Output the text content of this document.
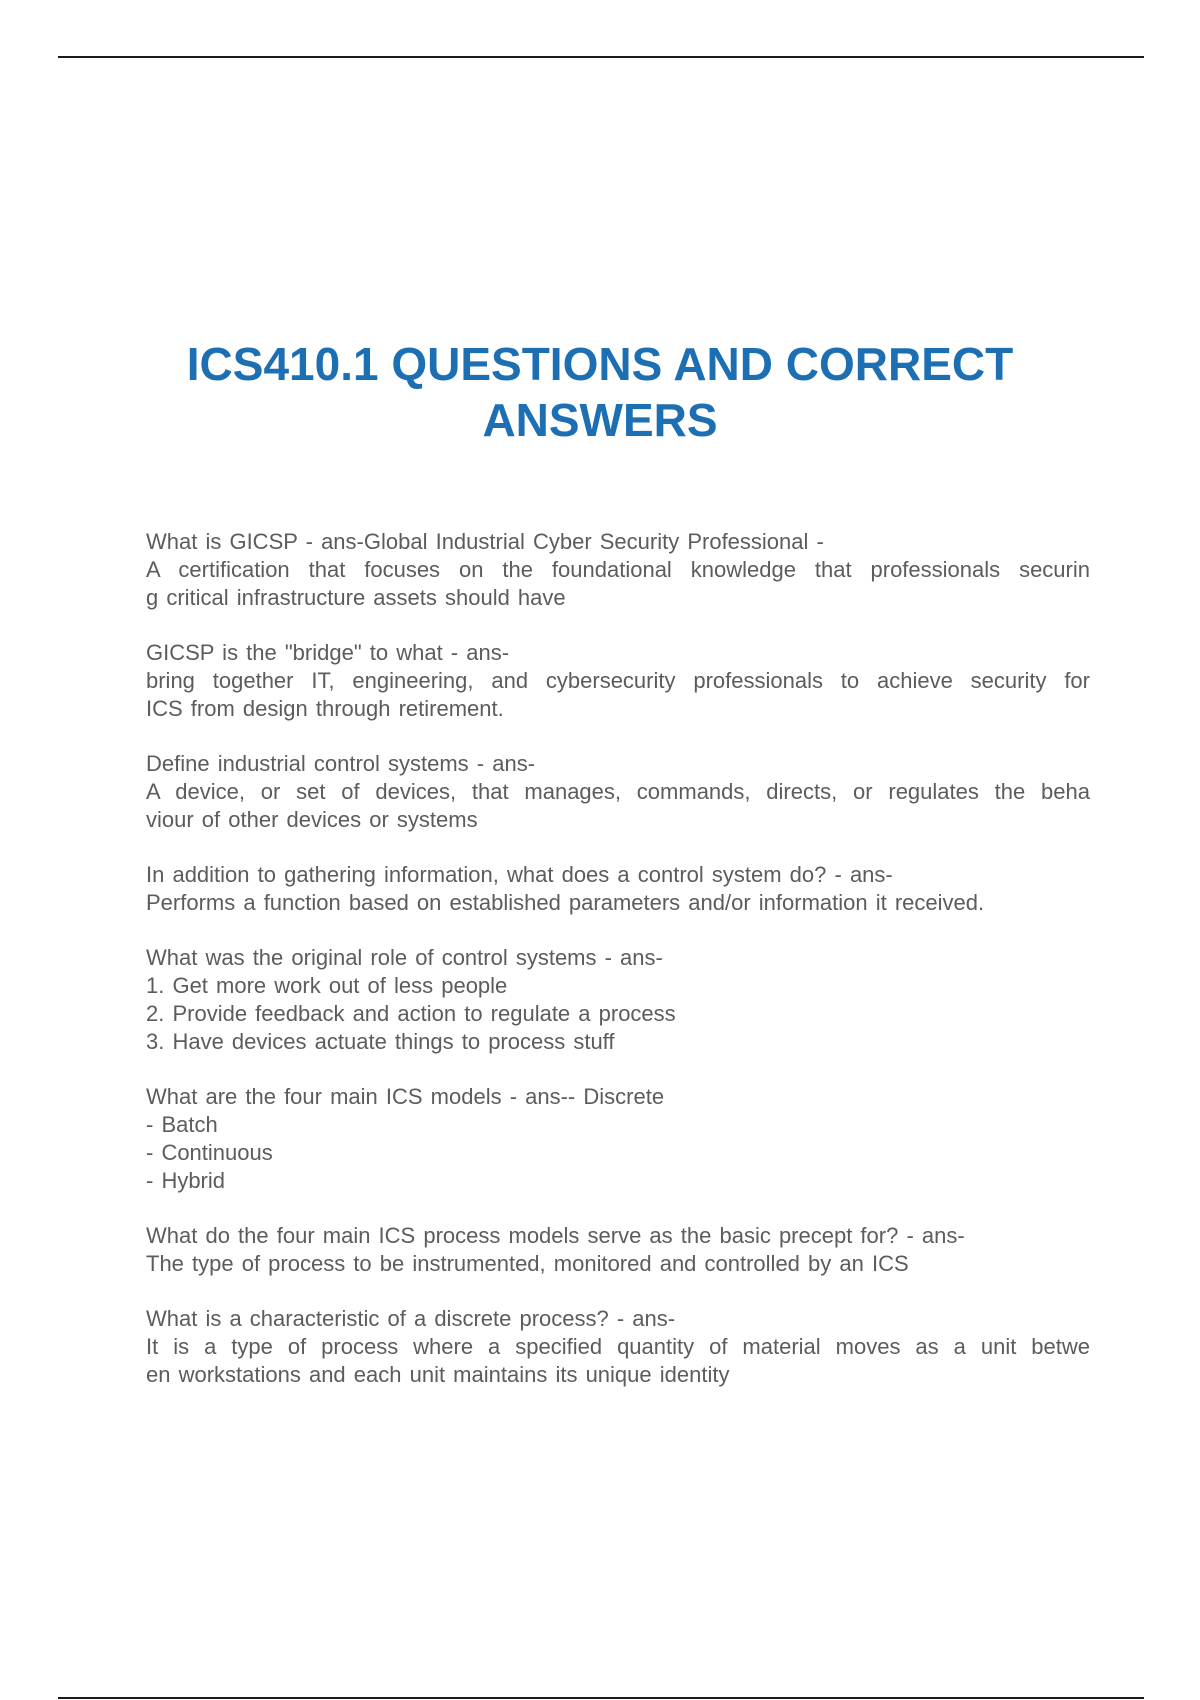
ICS410.1 QUESTIONS AND CORRECT
ANSWERS

What is GICSP - ans-Global Industrial Cyber Security Professional -
A certification that focuses on the foundational knowledge that professionals securin
g critical infrastructure assets should have

GICSP is the "bridge" to what - ans-
bring together IT, engineering, and cybersecurity professionals to achieve security for
ICS from design through retirement.

Define industrial control systems - ans-
A device, or set of devices, that manages, commands, directs, or regulates the beha
viour of other devices or systems

In addition to gathering information, what does a control system do? - ans-
Performs a function based on established parameters and/or information it received.

What was the original role of control systems - ans-
1. Get more work out of less people
2. Provide feedback and action to regulate a process
3. Have devices actuate things to process stuff

What are the four main ICS models - ans-- Discrete
- Batch
- Continuous
- Hybrid

What do the four main ICS process models serve as the basic precept for? - ans-
The type of process to be instrumented, monitored and controlled by an ICS

What is a characteristic of a discrete process? - ans-
It is a type of process where a specified quantity of material moves as a unit betwe
en workstations and each unit maintains its unique identity
